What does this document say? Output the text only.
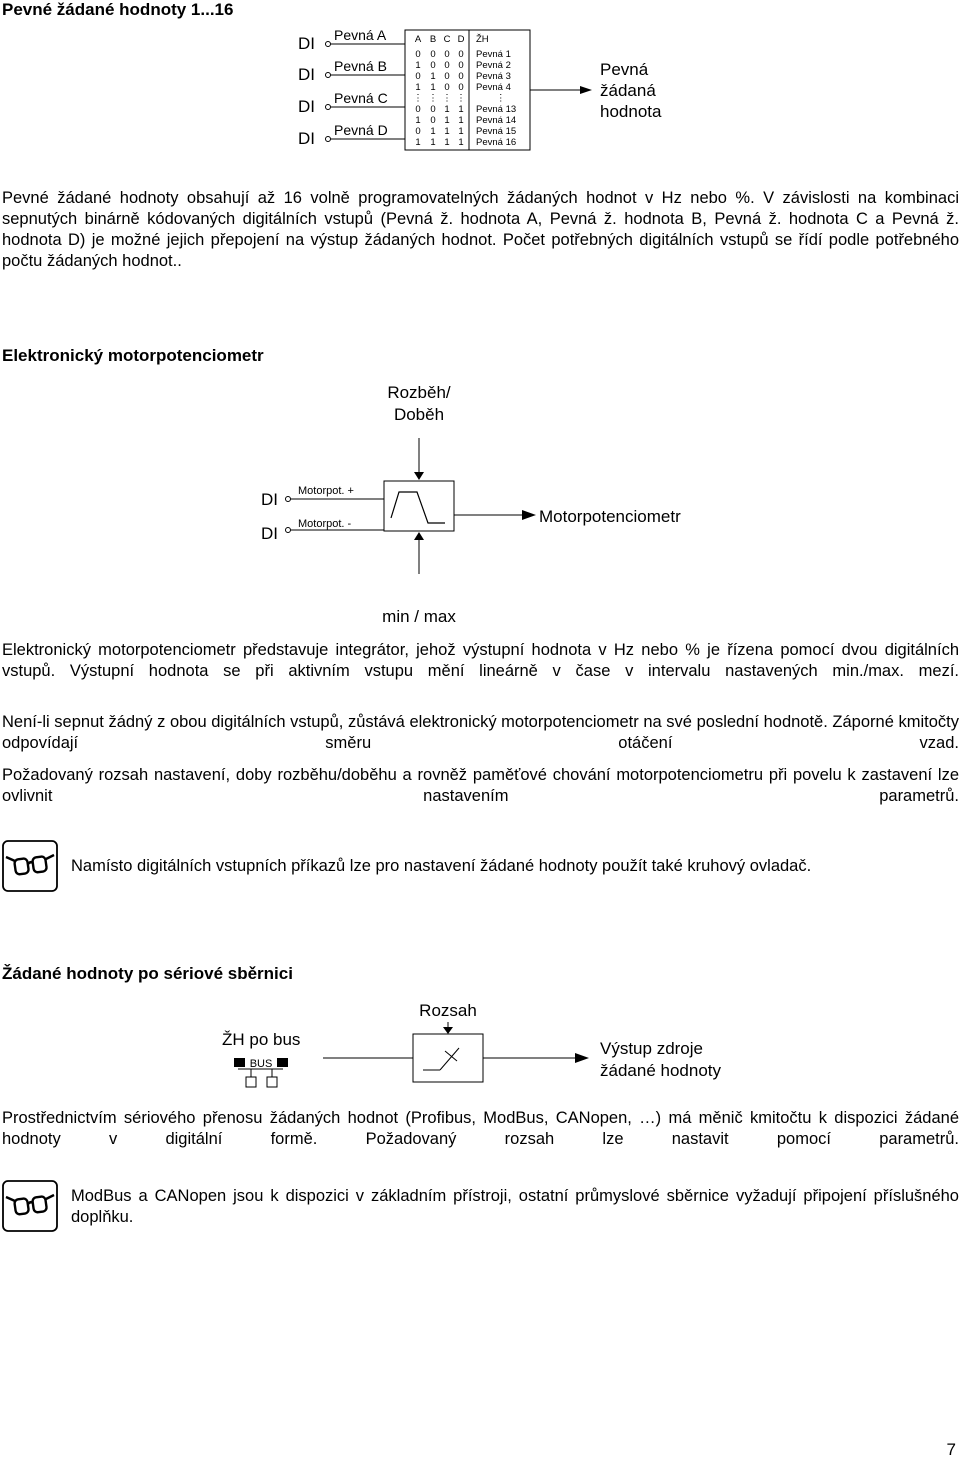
Pevné žádané hodnoty 1...16
DI
DI
DI
DI
Pevná A
Pevná B
Pevná C
Pevná D
A B C D ŽH
0 0 0 0 Pevná 1
1 0 0 0 Pevná 2
0 1 0 0 Pevná 3
1 1 0 0 Pevná 4
⋮ ⋮ ⋮ ⋮	⋮
0 0 1 1 Pevná 13
1 0 1 1 Pevná 14
0 1 1 1 Pevná 15
1 1 1 1 Pevná 16
Pevná
žádaná
hodnota
Pevné žádané hodnoty obsahují až 16 volně programovatelných žádaných hodnot v Hz nebo %. V závislosti na kombinaci sepnutých binárně kódovaných digitálních vstupů (Pevná ž. hodnota A, Pevná ž. hodnota B, Pevná ž. hodnota C a Pevná ž. hodnota D) je možné jejich přepojení na výstup žádaných hodnot. Počet potřebných digitálních vstupů se řídí podle potřebného počtu žádaných hodnot..
Elektronický motorpotenciometr
Rozběh/
Doběh
DI
DI
Motorpot. +
Motorpot. -	Motorpotenciometr
min / max
Elektronický motorpotenciometr představuje integrátor, jehož výstupní hodnota v Hz nebo % je řízena pomocí dvou digitálních vstupů. Výstupní hodnota se při aktivním vstupu mění lineárně v čase v intervalu nastavených min./max. mezí.
Není-li sepnut žádný z obou digitálních vstupů, zůstává elektronický motorpotenciometr na své poslední hodnotě. Záporné kmitočty odpovídají směru otáčení vzad.
Požadovaný rozsah nastavení, doby rozběhu/doběhu a rovněž paměťové chování motorpotenciometru při povelu k zastavení lze ovlivnit nastavením parametrů.
Namísto digitálních vstupních příkazů lze pro nastavení žádané hodnoty použít také kruhový ovladač.
Žádané hodnoty po sériové sběrnici
Rozsah
ŽH po bus
BUS
Výstup zdroje
žádané hodnoty
Prostřednictvím sériového přenosu žádaných hodnot (Profibus, ModBus, CANopen, …) má měnič kmitočtu k dispozici žádané hodnoty v digitální formě. Požadovaný rozsah lze nastavit pomocí parametrů.
ModBus a CANopen jsou k dispozici v základním přístroji, ostatní průmyslové sběrnice vyžadují připojení příslušného doplňku.
7
